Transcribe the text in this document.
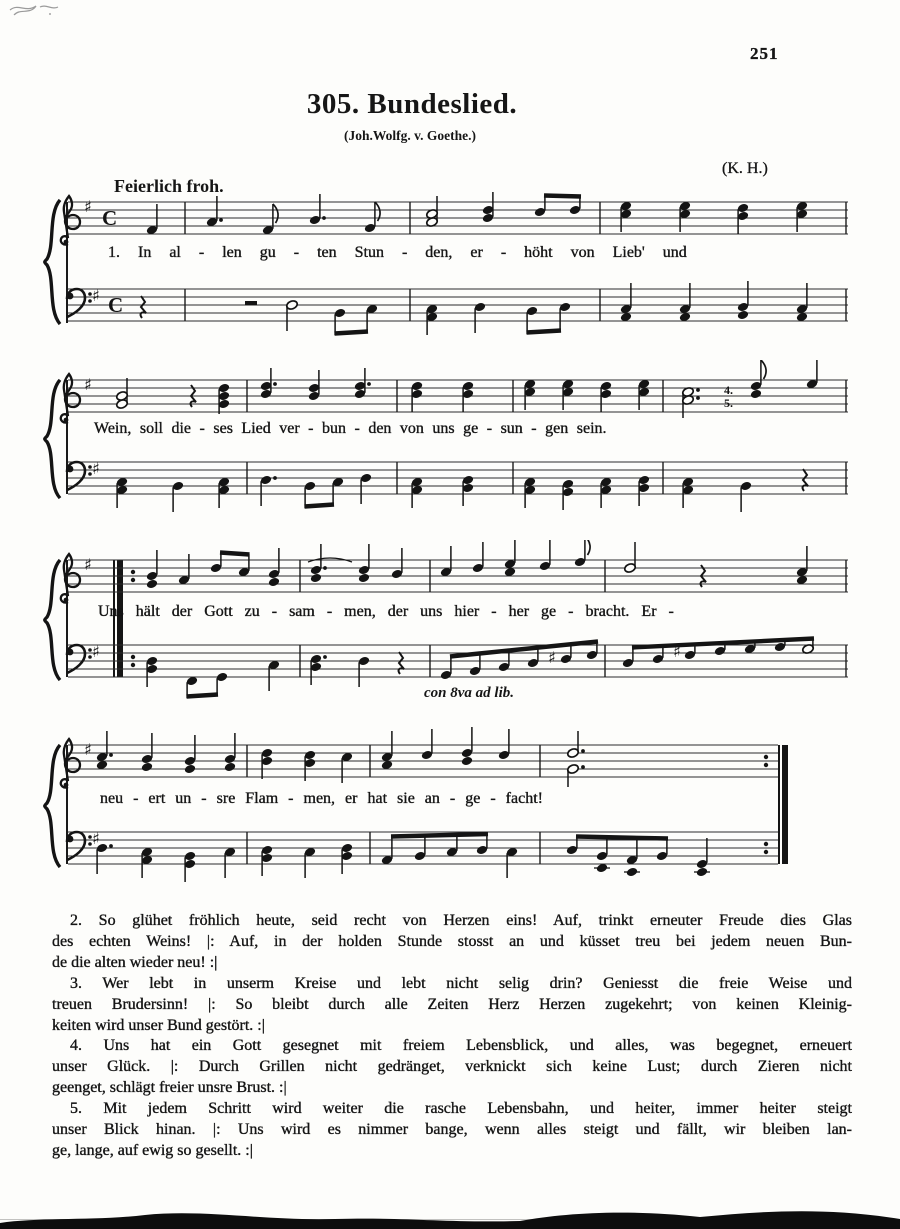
251
305. Bundeslied.
(Joh.Wolfg. v. Goethe.)
(K. H.)
Feierlich froh.
♯ C
1. In al - len gu - ten Stun - den, er - höht von Lieb' und
♯ C
♯	4.
5.
Wein, soll die - ses Lied ver - bun - den von uns ge - sun - gen sein.
♯
♯
Uns hält der Gott zu - sam - men, der uns hier - her ge - bracht. Er -
♯	♯	♯
con 8va ad lib.
♯
neu - ert un - sre Flam - men, er hat sie an - ge - facht!
♯
2. So glühet fröhlich heute, seid recht von Herzen eins! Auf, trinkt erneuter Freude dies Glas
des echten Weins! |: Auf, in der holden Stunde stosst an und küsset treu bei jedem neuen Bun-
de die alten wieder neu! :|
3. Wer lebt in unserm Kreise und lebt nicht selig drin? Geniesst die freie Weise und
treuen Brudersinn! |: So bleibt durch alle Zeiten Herz Herzen zugekehrt; von keinen Kleinig-
keiten wird unser Bund gestört. :|
4. Uns hat ein Gott gesegnet mit freiem Lebensblick, und alles, was begegnet, erneuert
unser Glück. |: Durch Grillen nicht gedränget, verknickt sich keine Lust; durch Zieren nicht
geenget, schlägt freier unsre Brust. :|
5. Mit jedem Schritt wird weiter die rasche Lebensbahn, und heiter, immer heiter steigt
unser Blick hinan. |: Uns wird es nimmer bange, wenn alles steigt und fällt, wir bleiben lan-
ge, lange, auf ewig so gesellt. :|
